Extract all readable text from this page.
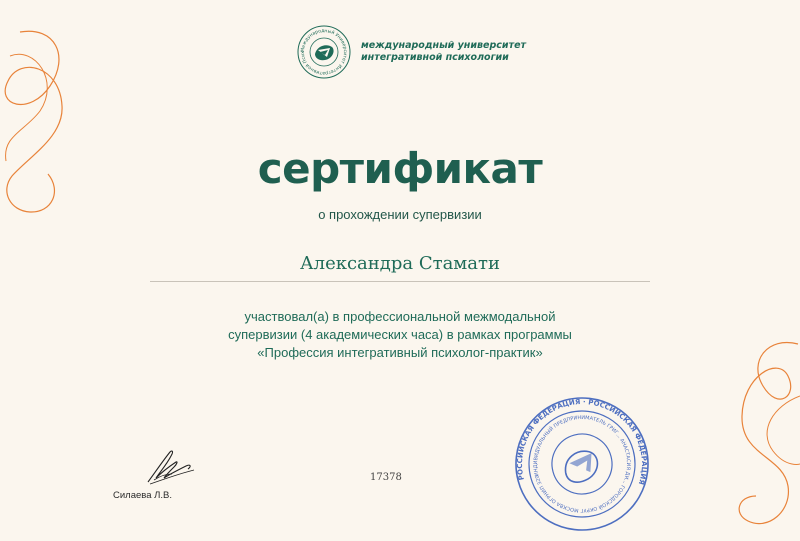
Международный Университет Интегративной Псих
международный университет
интегративной психологии
сертификат
о прохождении супервизии
Александра Стамати
участвовал(а) в профессиональной межмодальной
супервизии (4 академических часа) в рамках программы
«Профессия интегративный психолог-практик»
Силаева Л.В.
17378	РОССИЙСКАЯ ФЕДЕРАЦИЯ · РОССИЙСКАЯ ФЕДЕРАЦИЯ
ИНДИВИДУАЛЬНЫЙ ПРЕДПРИНИМАТЕЛЬ ГРИГ... АНАСТАСИЯ ДИ... ГОРОДСКОЙ ОКРУГ МОСКВА ОГРНИП 320774600423180
